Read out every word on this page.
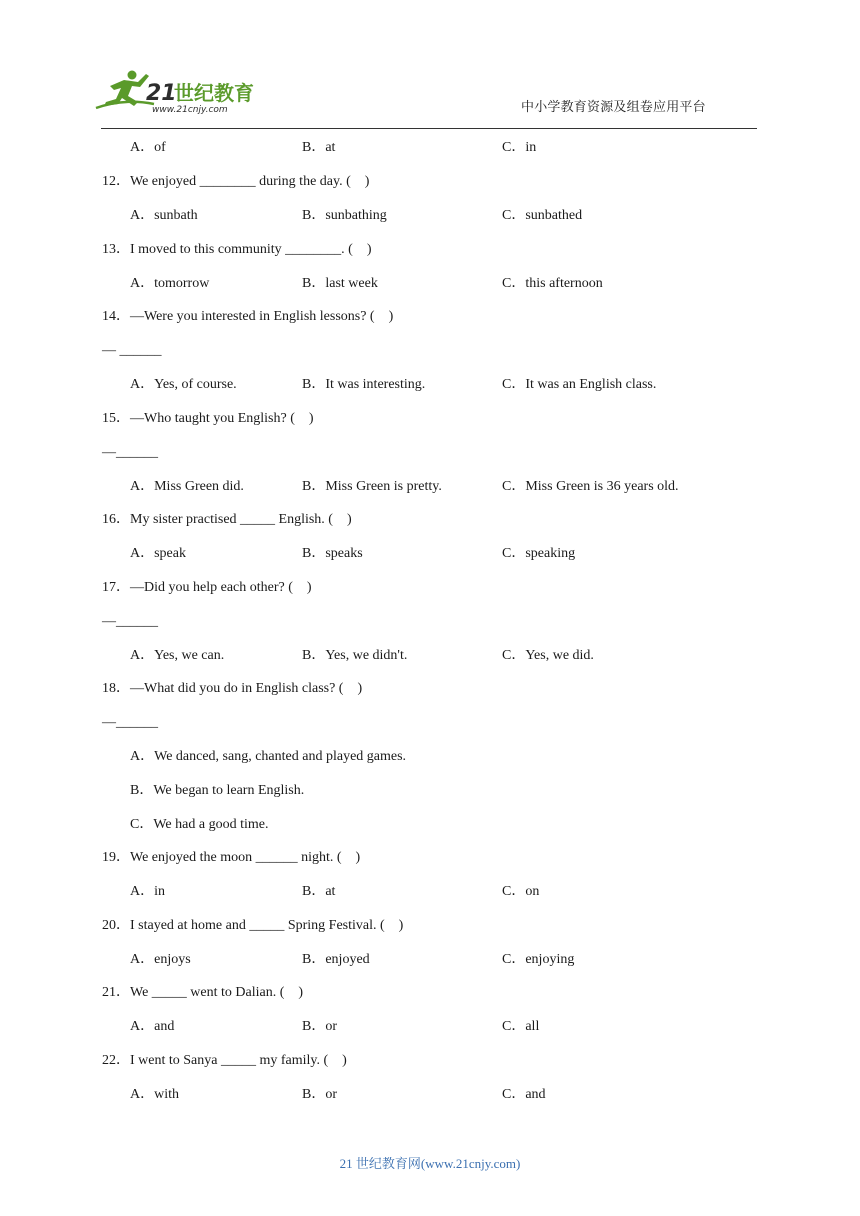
21
世纪教育
www.21cnjy.com	中小学教育资源及组卷应用平台
A．of	B．at	C．in
12．We enjoyed ________ during the day. (　)
A．sunbath	B．sunbathing	C．sunbathed
13．I moved to this community ________. (　)
A．tomorrow	B．last week	C．this afternoon
14．—Were you interested in English lessons? (　)
— ______
A．Yes, of course.	B．It was interesting.	C．It was an English class.
15．—Who taught you English? (　)
—______
A．Miss Green did.	B．Miss Green is pretty.	C．Miss Green is 36 years old.
16．My sister practised _____ English. (　)
A．speak	B．speaks	C．speaking
17．—Did you help each other? (　)
—______
A．Yes, we can.	B．Yes, we didn't.	C．Yes, we did.
18．—What did you do in English class? (　)
—______
A．We danced, sang, chanted and played games.
B．We began to learn English.
C．We had a good time.
19．We enjoyed the moon ______ night. (　)
A．in	B．at	C．on
20．I stayed at home and _____ Spring Festival. (　)
A．enjoys	B．enjoyed	C．enjoying
21．We _____ went to Dalian. (　)
A．and	B．or	C．all
22．I went to Sanya _____ my family. (　)
A．with	B．or	C．and
21 世纪教育网(www.21cnjy.com)
